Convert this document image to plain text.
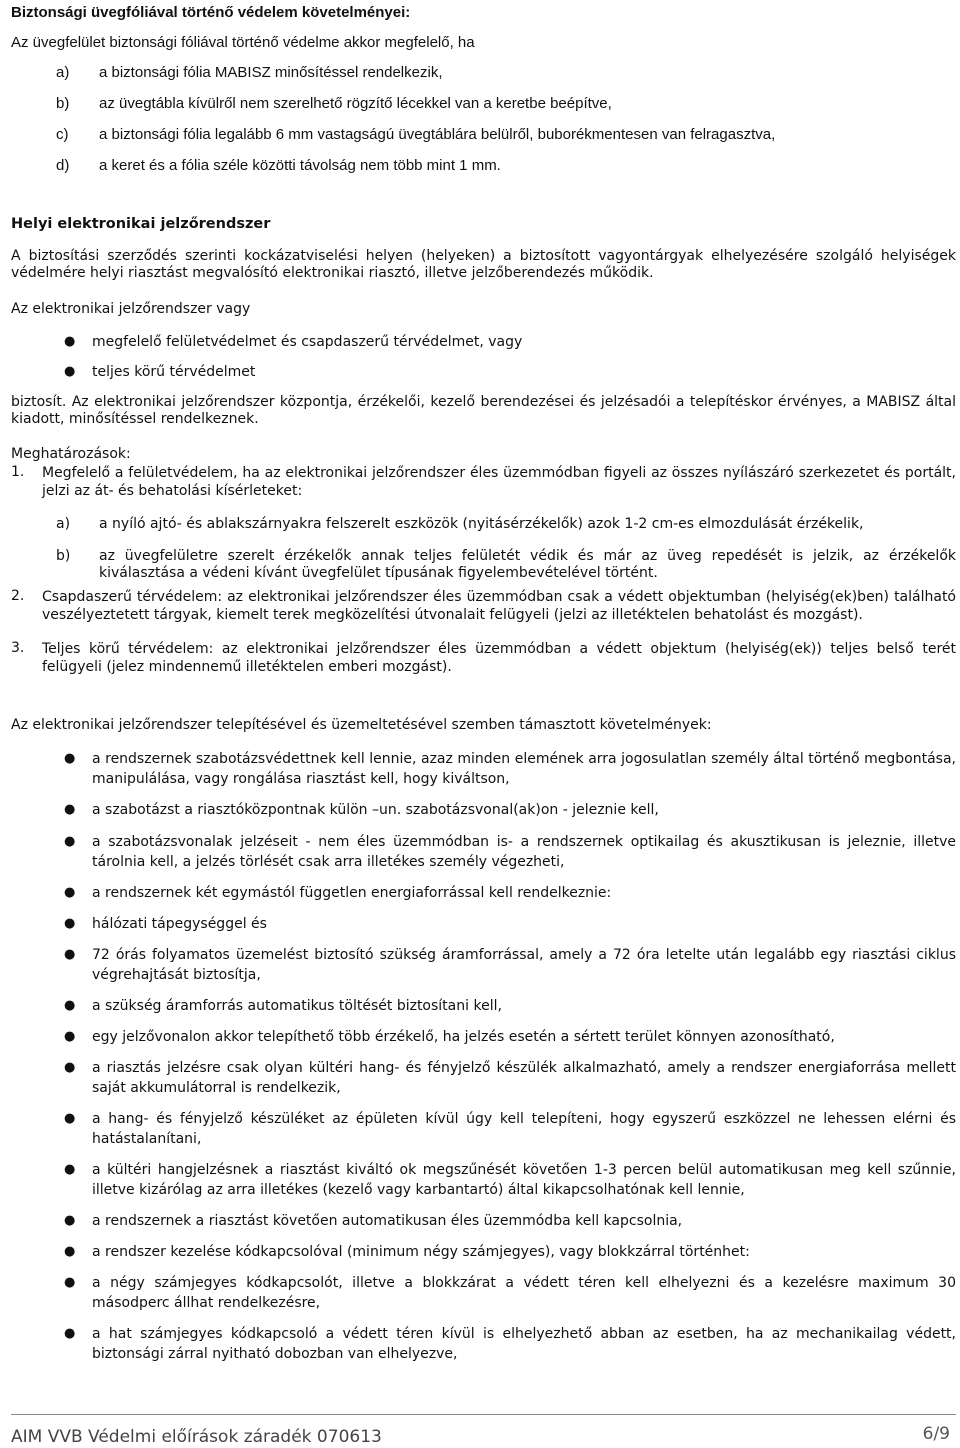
Biztonsági üvegfóliával történő védelem követelményei:
Az üvegfelület biztonsági fóliával történő védelme akkor megfelelő, ha
a) a biztonsági fólia MABISZ minősítéssel rendelkezik,
b) az üvegtábla kívülről nem szerelhető rögzítő lécekkel van a keretbe beépítve,
c) a biztonsági fólia legalább 6 mm vastagságú üvegtáblára belülről, buborékmentesen van felragasztva,
d) a keret és a fólia széle közötti távolság nem több mint 1 mm.
Helyi elektronikai jelzőrendszer

A biztosítási szerződés szerinti kockázatviselési helyen (helyeken) a biztosított vagyontárgyak elhelyezésére szolgáló helyiségek védelmére helyi riasztást megvalósító elektronikai riasztó, illetve jelzőberendezés működik.

Az elektronikai jelzőrendszer vagy

● megfelelő felületvédelmet és csapdaszerű térvédelmet, vagy
● teljes körű térvédelmet

biztosít. Az elektronikai jelzőrendszer központja, érzékelői, kezelő berendezései és jelzésadói a telepítéskor érvényes, a MABISZ által kiadott, minősítéssel rendelkeznek.

Meghatározások:

1. Megfelelő a felületvédelem, ha az elektronikai jelzőrendszer éles üzemmódban figyeli az összes nyílászáró szerkezetet és portált, jelzi az át- és behatolási kísérleteket:
a) a nyíló ajtó- és ablakszárnyakra felszerelt eszközök (nyitásérzékelők) azok 1-2 cm-es elmozdulását érzékelik,
b) az üvegfelületre szerelt érzékelők annak teljes felületét védik és már az üveg repedését is jelzik, az érzékelők kiválasztása a védeni kívánt üvegfelület típusának figyelembevételével történt.
2. Csapdaszerű térvédelem: az elektronikai jelzőrendszer éles üzemmódban csak a védett objektumban (helyiség(ek)ben) található veszélyeztetett tárgyak, kiemelt terek megközelítési útvonalait felügyeli (jelzi az illetéktelen behatolást és mozgást).
3. Teljes körű térvédelem: az elektronikai jelzőrendszer éles üzemmódban a védett objektum (helyiség(ek)) teljes belső terét felügyeli (jelez mindennemű illetéktelen emberi mozgást).

Az elektronikai jelzőrendszer telepítésével és üzemeltetésével szemben támasztott követelmények:

● a rendszernek szabotázsvédettnek kell lennie, azaz minden elemének arra jogosulatlan személy által történő megbontása, manipulálása, vagy rongálása riasztást kell, hogy kiváltson,
● a szabotázst a riasztóközpontnak külön –un. szabotázsvonal(ak)on - jeleznie kell,
● a szabotázsvonalak jelzéseit - nem éles üzemmódban is- a rendszernek optikailag és akusztikusan is jeleznie, illetve tárolnia kell, a jelzés törlését csak arra illetékes személy végezheti,
● a rendszernek két egymástól független energiaforrással kell rendelkeznie:
● hálózati tápegységgel és
● 72 órás folyamatos üzemelést biztosító szükség áramforrással, amely a 72 óra letelte után legalább egy riasztási ciklus végrehajtását biztosítja,
● a szükség áramforrás automatikus töltését biztosítani kell,
● egy jelzővonalon akkor telepíthető több érzékelő, ha jelzés esetén a sértett terület könnyen azonosítható,
● a riasztás jelzésre csak olyan kültéri hang- és fényjelző készülék alkalmazható, amely a rendszer energiaforrása mellett saját akkumulátorral is rendelkezik,
● a hang- és fényjelző készüléket az épületen kívül úgy kell telepíteni, hogy egyszerű eszközzel ne lehessen elérni és hatástalanítani,
● a kültéri hangjelzésnek a riasztást kiváltó ok megszűnését követően 1-3 percen belül automatikusan meg kell szűnnie, illetve kizárólag az arra illetékes (kezelő vagy karbantartó) által kikapcsolhatónak kell lennie,
● a rendszernek a riasztást követően automatikusan éles üzemmódba kell kapcsolnia,
● a rendszer kezelése kódkapcsolóval (minimum négy számjegyes), vagy blokkzárral történhet:
● a négy számjegyes kódkapcsolót, illetve a blokkzárat a védett téren kell elhelyezni és a kezelésre maximum 30 másodperc állhat rendelkezésre,
● a hat számjegyes kódkapcsoló a védett téren kívül is elhelyezhető abban az esetben, ha az mechanikailag védett, biztonsági zárral nyitható dobozban van elhelyezve,
AIM VVB Védelmi előírások záradék 070613	6/9
